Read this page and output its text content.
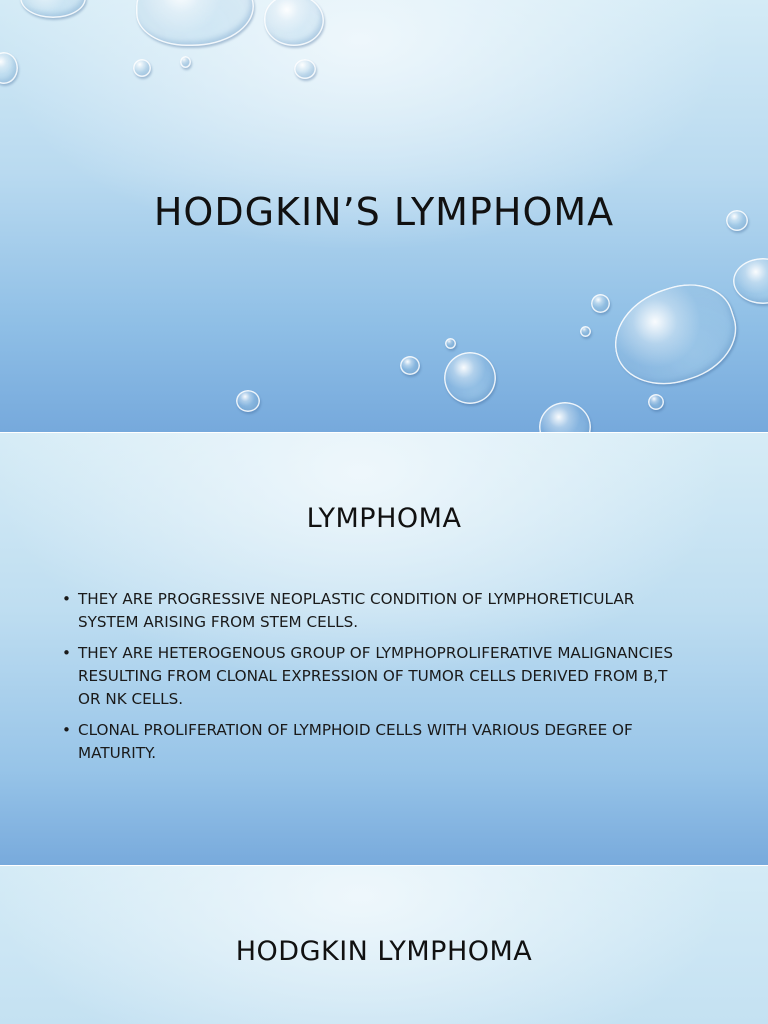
HODGKIN’S LYMPHOMA
LYMPHOMA
• THEY ARE PROGRESSIVE NEOPLASTIC CONDITION OF LYMPHORETICULAR SYSTEM ARISING FROM STEM CELLS.
• THEY ARE HETEROGENOUS GROUP OF LYMPHOPROLIFERATIVE MALIGNANCIES RESULTING FROM CLONAL EXPRESSION OF TUMOR CELLS DERIVED FROM B,T OR NK CELLS.
• CLONAL PROLIFERATION OF LYMPHOID CELLS WITH VARIOUS DEGREE OF MATURITY.
HODGKIN LYMPHOMA
